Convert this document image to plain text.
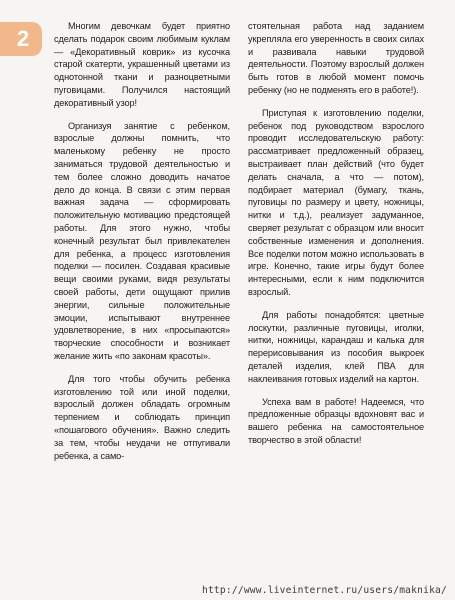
2	Многим девочкам будет приятно сделать подарок своим любимым куклам — «Декоративный коврик» из кусочка старой скатерти, украшенный цветами из однотонной ткани и разноцветными пуговицами. Получился настоящий декоративный узор!

Организуя занятие с ребенком, взрослые должны помнить, что маленькому ребенку не просто заниматься трудовой деятельностью и тем более сложно доводить начатое дело до конца. В связи с этим первая важная задача — сформировать положительную мотивацию предстоящей работы. Для этого нужно, чтобы конечный результат был привлекателен для ребенка, а процесс изготовления поделки — посилен. Создавая красивые вещи своими руками, видя результаты своей работы, дети ощущают прилив энергии, сильные положительные эмоции, испытывают внутреннее удовлетворение, в них «просыпаются» творческие способности и возникает желание жить «по законам красоты».

Для того чтобы обучить ребенка изготовлению той или иной поделки, взрослый должен обладать огромным терпением и соблюдать принцип «пошагового обучения». Важно следить за тем, чтобы неудачи не отпугивали ребенка, а само-

стоятельная работа над заданием укрепляла его уверенность в своих силах и развивала навыки трудовой деятельности. Поэтому взрослый должен быть готов в любой момент помочь ребенку (но не подменять его в работе!).

Приступая к изготовлению поделки, ребенок под руководством взрослого проводит исследовательскую работу: рассматривает предложенный образец, выстраивает план действий (что будет делать сначала, а что — потом), подбирает материал (бумагу, ткань, пуговицы по размеру и цвету, ножницы, нитки и т.д.), реализует задуманное, сверяет результат с образцом или вносит собственные изменения и дополнения. Все поделки потом можно использовать в игре. Конечно, такие игры будут более интересными, если к ним подключится взрослый.

Для работы понадобятся: цветные лоскутки, различные пуговицы, иголки, нитки, ножницы, карандаш и калька для перерисовывания из пособия выкроек деталей изделия, клей ПВА для наклеивания готовых изделий на картон.

Успеха вам в работе! Надеемся, что предложенные образцы вдохновят вас и вашего ребенка на самостоятельное творчество в этой области!

http://www.liveinternet.ru/users/maknika/
